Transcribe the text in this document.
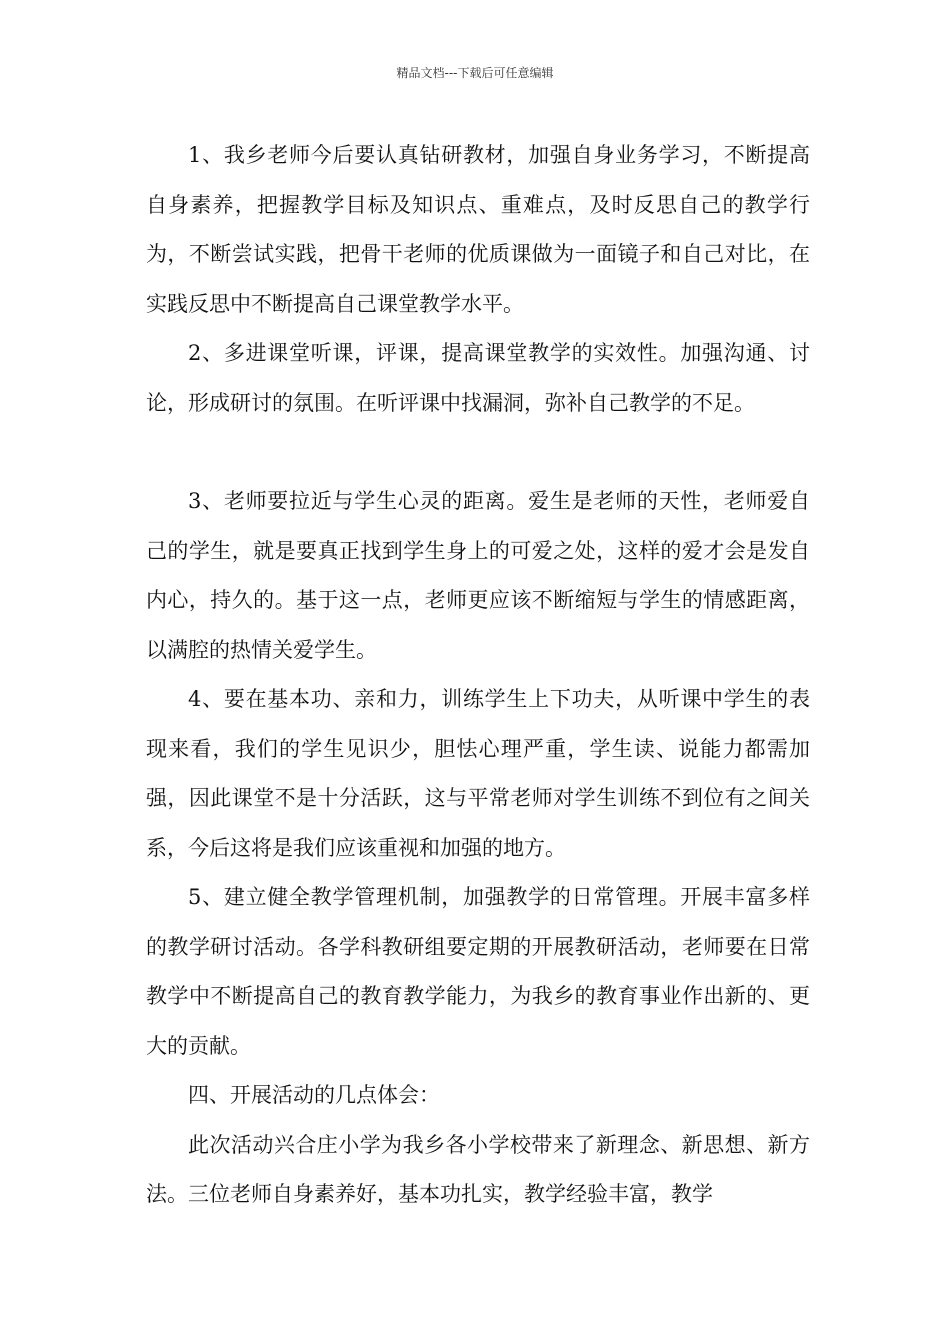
精品文档---下载后可任意编辑

1、我乡老师今后要认真钻研教材，加强自身业务学习，不断提高自身素养，把握教学目标及知识点、重难点，及时反思自己的教学行为，不断尝试实践，把骨干老师的优质课做为一面镜子和自己对比，在实践反思中不断提高自己课堂教学水平。

2、多进课堂听课，评课，提高课堂教学的实效性。加强沟通、讨论，形成研讨的氛围。在听评课中找漏洞，弥补自己教学的不足。

3、老师要拉近与学生心灵的距离。爱生是老师的天性，老师爱自己的学生，就是要真正找到学生身上的可爱之处，这样的爱才会是发自内心，持久的。基于这一点，老师更应该不断缩短与学生的情感距离，以满腔的热情关爱学生。

4、要在基本功、亲和力，训练学生上下功夫，从听课中学生的表现来看，我们的学生见识少，胆怯心理严重，学生读、说能力都需加强，因此课堂不是十分活跃，这与平常老师对学生训练不到位有之间关系，今后这将是我们应该重视和加强的地方。

5、建立健全教学管理机制，加强教学的日常管理。开展丰富多样的教学研讨活动。各学科教研组要定期的开展教研活动，老师要在日常教学中不断提高自己的教育教学能力，为我乡的教育事业作出新的、更大的贡献。

四、开展活动的几点体会：

此次活动兴合庄小学为我乡各小学校带来了新理念、新思想、新方法。三位老师自身素养好，基本功扎实，教学经验丰富，教学
